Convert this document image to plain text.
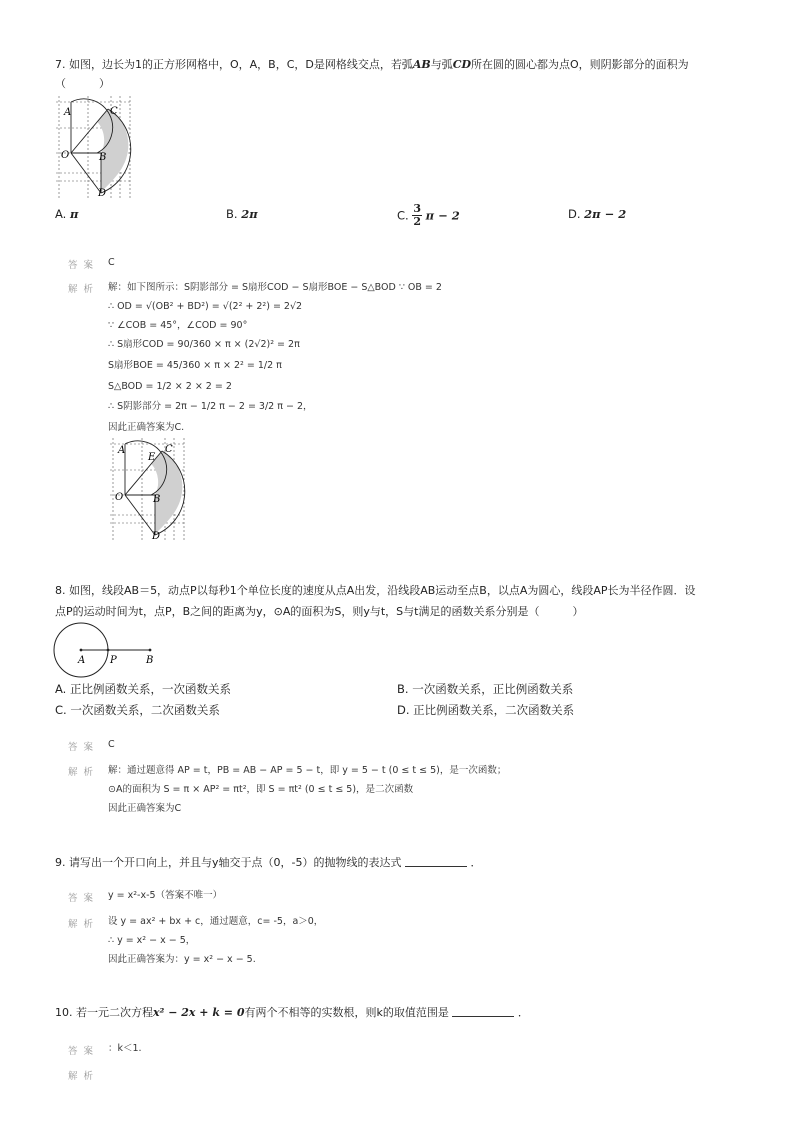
7. 如图，边长为1的正方形网格中，O，A，B，C，D是网格线交点，若弧AB与弧CD所在圆的圆心都为点O，则阴影部分的面积为
（　　　）
A	C
O	B
D
A. π	B. 2π	C. $\frac{3}{2}$ π − 2	D. 2π − 2
答案 C
解析 解：如下图所示：S阴影部分 = S扇形COD − S扇形BOE − S△BOD ∵ OB = 2
∴ OD = √(OB² + BD²) = √(2² + 2²) = 2√2
∵ ∠COB = 45°，∠COD = 90°
∴ S扇形COD = 90/360 × π × (2√2)² = 2π
S扇形BOE = 45/360 × π × 2² = 1/2 π
S△BOD = 1/2 × 2 × 2 = 2
∴ S阴影部分 = 2π − 1/2 π − 2 = 3/2 π − 2，
因此正确答案为C.
A
E
C
O	B
D
8. 如图，线段AB＝5，动点P以每秒1个单位长度的速度从点A出发，沿线段AB运动至点B，以点A为圆心，线段AP长为半径作圆．设
点P的运动时间为t，点P，B之间的距离为y，⊙A的面积为S，则y与t，S与t满足的函数关系分别是（　　　）
A P	B
A. 正比例函数关系，一次函数关系	B. 一次函数关系，正比例函数关系
C. 一次函数关系，二次函数关系	D. 正比例函数关系，二次函数关系
答案 C
解析 解：通过题意得 AP = t，PB = AB − AP = 5 − t，即 y = 5 − t (0 ≤ t ≤ 5)，是一次函数；
⊙A的面积为 S = π × AP² = πt²，即 S = πt² (0 ≤ t ≤ 5)，是二次函数
因此正确答案为C
9. 请写出一个开口向上，并且与y轴交于点（0，-5）的抛物线的表达式	．
答案 y = x²-x-5（答案不唯一）
解析 设 y = ax² + bx + c，通过题意，c= -5，a＞0，
∴ y = x² − x − 5，
因此正确答案为：y = x² − x − 5.
10. 若一元二次方程x² − 2x + k = 0有两个不相等的实数根，则k的取值范围是	．
答案 ：k＜1.
解析
